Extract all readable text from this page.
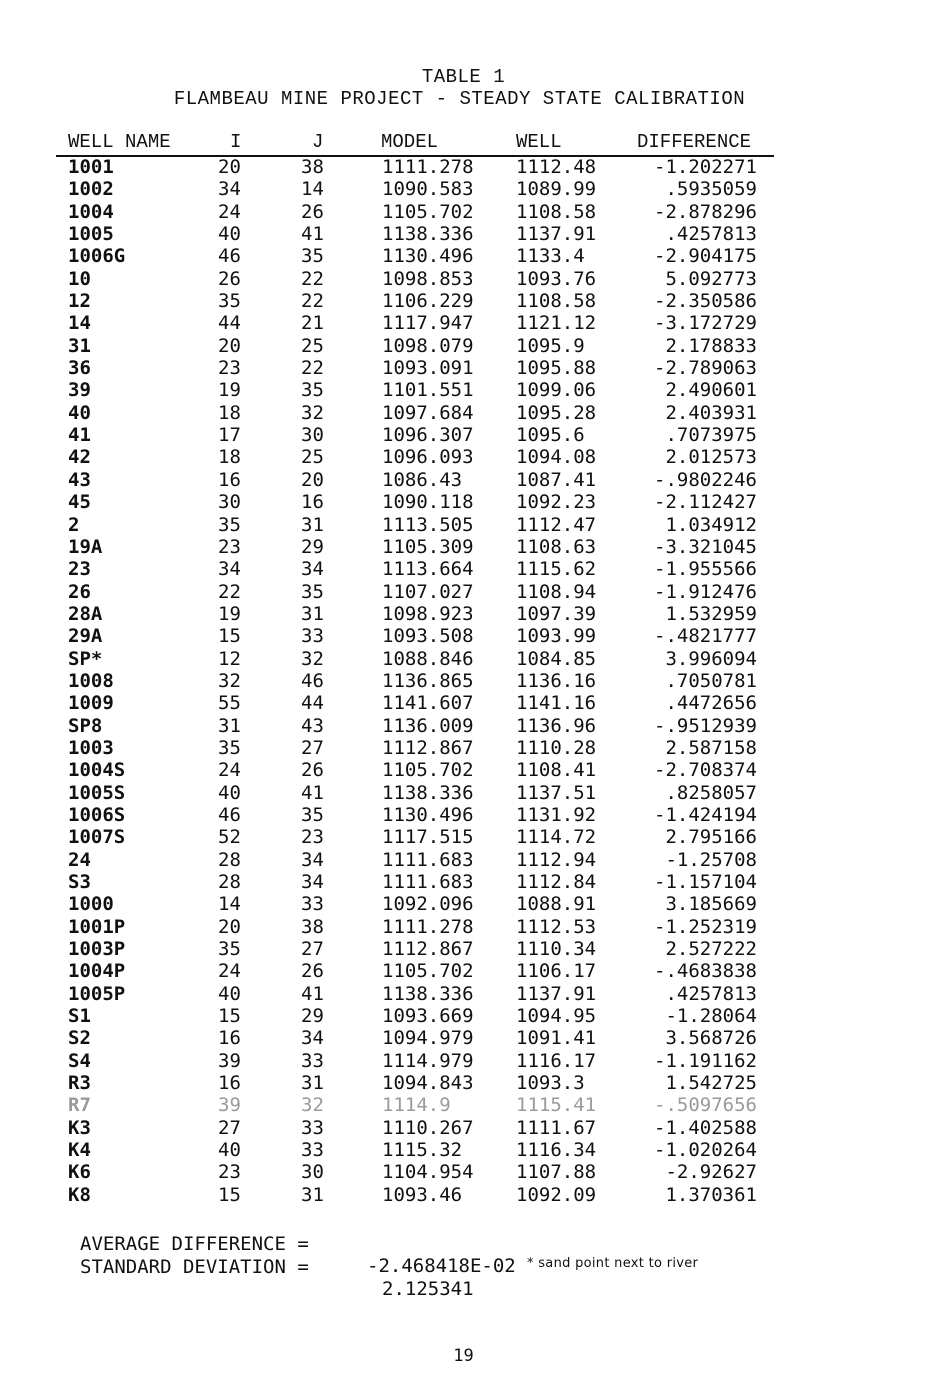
TABLE 1
FLAMBEAU MINE PROJECT - STEADY STATE CALIBRATION
WELL NAME	I	J	MODEL	WELL	DIFFERENCE
1001	20	38	1111.278 1112.48	-1.202271
1002	34	14	1090.583 1089.99	.5935059
1004	24	26	1105.702 1108.58	-2.878296
1005	40	41	1138.336 1137.91	.4257813
1006G	46	35	1130.496 1133.4	-2.904175
10	26	22	1098.853 1093.76	5.092773
12	35	22	1106.229 1108.58	-2.350586
14	44	21	1117.947 1121.12	-3.172729
31	20	25	1098.079 1095.9	2.178833
36	23	22	1093.091 1095.88	-2.789063
39	19	35	1101.551 1099.06	2.490601
40	18	32	1097.684 1095.28	2.403931
41	17	30	1096.307 1095.6	.7073975
42	18	25	1096.093 1094.08	2.012573
43	16	20	1086.43	1087.41	-.9802246
45	30	16	1090.118 1092.23	-2.112427
2	35	31	1113.505 1112.47	1.034912
19A	23	29	1105.309 1108.63	-3.321045
23	34	34	1113.664 1115.62	-1.955566
26	22	35	1107.027 1108.94	-1.912476
28A	19	31	1098.923 1097.39	1.532959
29A	15	33	1093.508 1093.99	-.4821777
SP*	12	32	1088.846 1084.85	3.996094
1008	32	46	1136.865 1136.16	.7050781
1009	55	44	1141.607 1141.16	.4472656
SP8	31	43	1136.009 1136.96	-.9512939
1003	35	27	1112.867 1110.28	2.587158
1004S	24	26	1105.702 1108.41	-2.708374
1005S	40	41	1138.336 1137.51	.8258057
1006S	46	35	1130.496 1131.92	-1.424194
1007S	52	23	1117.515 1114.72	2.795166
24	28	34	1111.683 1112.94	-1.25708
S3	28	34	1111.683 1112.84	-1.157104
1000	14	33	1092.096 1088.91	3.185669
1001P	20	38	1111.278 1112.53	-1.252319
1003P	35	27	1112.867 1110.34	2.527222
1004P	24	26	1105.702 1106.17	-.4683838
1005P	40	41	1138.336 1137.91	.4257813
S1	15	29	1093.669 1094.95	-1.28064
S2	16	34	1094.979 1091.41	3.568726
S4	39	33	1114.979 1116.17	-1.191162
R3	16	31	1094.843 1093.3	1.542725
R7	39	32	1114.9	1115.41	-.5097656
K3	27	33	1110.267 1111.67	-1.402588
K4	40	33	1115.32	1116.34	-1.020264
K6	23	30	1104.954 1107.88	-2.92627
K8	15	31	1093.46	1092.09	1.370361

AVERAGE DIFFERENCE =

-2.468418E-02

STANDARD DEVIATION =

2.125341

* sand point next to river
19
